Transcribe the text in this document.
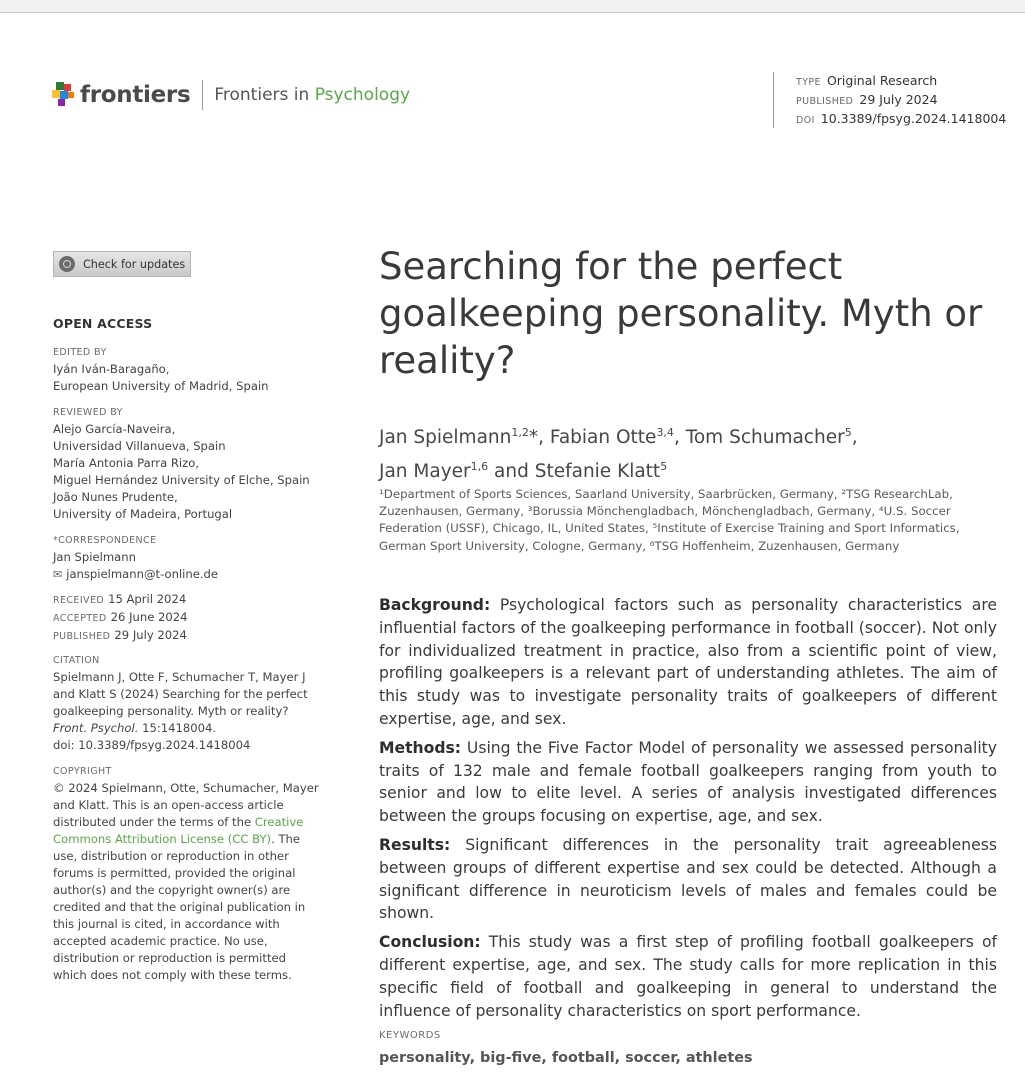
frontiers Frontiers in Psychology
TYPE Original Research
PUBLISHED 29 July 2024
DOI 10.3389/fpsyg.2024.1418004
Check for updates
OPEN ACCESS
EDITED BY
Iyán Iván-Baragaño,
European University of Madrid, Spain
REVIEWED BY
Alejo García-Naveira,
Universidad Villanueva, Spain
María Antonia Parra Rizo,
Miguel Hernández University of Elche, Spain
João Nunes Prudente,
University of Madeira, Portugal
*CORRESPONDENCE
Jan Spielmann
✉ janspielmann@t-online.de
RECEIVED 15 April 2024
ACCEPTED 26 June 2024
PUBLISHED 29 July 2024
CITATION
Spielmann J, Otte F, Schumacher T, Mayer J
and Klatt S (2024) Searching for the perfect
goalkeeping personality. Myth or reality?
Front. Psychol. 15:1418004.
doi: 10.3389/fpsyg.2024.1418004
COPYRIGHT
© 2024 Spielmann, Otte, Schumacher, Mayer
and Klatt. This is an open-access article
distributed under the terms of the Creative
Commons Attribution License (CC BY). The
use, distribution or reproduction in other
forums is permitted, provided the original
author(s) and the copyright owner(s) are
credited and that the original publication in
this journal is cited, in accordance with
accepted academic practice. No use,
distribution or reproduction is permitted
which does not comply with these terms.
Searching for the perfect
goalkeeping personality. Myth or
reality?
Jan Spielmann$^{1,2}$*, Fabian Otte$^{3,4}$, Tom Schumacher$^5$,
Jan Mayer$^{1,6}$ and Stefanie Klatt$^5$
¹Department of Sports Sciences, Saarland University, Saarbrücken, Germany, ²TSG ResearchLab,
Zuzenhausen, Germany, ³Borussia Mönchengladbach, Mönchengladbach, Germany, ⁴U.S. Soccer
Federation (USSF), Chicago, IL, United States, ⁵Institute of Exercise Training and Sport Informatics,
German Sport University, Cologne, Germany, ⁶TSG Hoffenheim, Zuzenhausen, Germany

Background: Psychological factors such as personality characteristics are influential factors of the goalkeeping performance in football (soccer). Not only for individualized treatment in practice, also from a scientific point of view, profiling goalkeepers is a relevant part of understanding athletes. The aim of this study was to investigate personality traits of goalkeepers of different expertise, age, and sex.

Methods: Using the Five Factor Model of personality we assessed personality traits of 132 male and female football goalkeepers ranging from youth to senior and low to elite level. A series of analysis investigated differences between the groups focusing on expertise, age, and sex.

Results: Significant differences in the personality trait agreeableness between groups of different expertise and sex could be detected. Although a significant difference in neuroticism levels of males and females could be shown.

Conclusion: This study was a first step of profiling football goalkeepers of different expertise, age, and sex. The study calls for more replication in this specific field of football and goalkeeping in general to understand the influence of personality characteristics on sport performance.

KEYWORDS
personality, big-five, football, soccer, athletes
